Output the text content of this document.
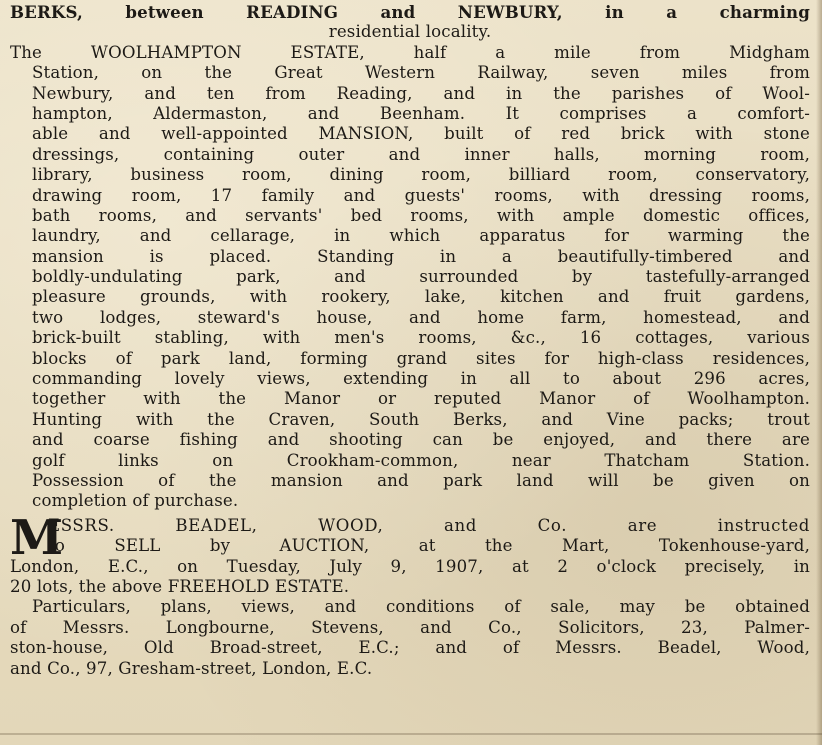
BERKS, between READING and NEWBURY, in a charming
residential locality.
The WOOLHAMPTON ESTATE, half a mile from Midgham
Station, on the Great Western Railway, seven miles from
Newbury, and ten from Reading, and in the parishes of Wool-
hampton, Aldermaston, and Beenham. It comprises a comfort-
able and well-appointed MANSION, built of red brick with stone
dressings, containing outer and inner halls, morning room,
library, business room, dining room, billiard room, conservatory,
drawing room, 17 family and guests' rooms, with dressing rooms,
bath rooms, and servants' bed rooms, with ample domestic offices,
laundry, and cellarage, in which apparatus for warming the
mansion is placed. Standing in a beautifully-timbered and
boldly-undulating park, and surrounded by tastefully-arranged
pleasure grounds, with rookery, lake, kitchen and fruit gardens,
two lodges, steward's house, and home farm, homestead, and
brick-built stabling, with men's rooms, &c., 16 cottages, various
blocks of park land, forming grand sites for high-class residences,
commanding lovely views, extending in all to about 296 acres,
together with the Manor or reputed Manor of Woolhampton.
Hunting with the Craven, South Berks, and Vine packs; trout
and coarse fishing and shooting can be enjoyed, and there are
golf links on Crookham-common, near Thatcham Station.
Possession of the mansion and park land will be given on
completion of purchase.
M
ESSRS. BEADEL, WOOD, and Co. are instructed
to SELL by AUCTION, at the Mart, Tokenhouse-yard,
London, E.C., on Tuesday, July 9, 1907, at 2 o'clock precisely, in
20 lots, the above FREEHOLD ESTATE.
Particulars, plans, views, and conditions of sale, may be obtained
of Messrs. Longbourne, Stevens, and Co., Solicitors, 23, Palmer-
ston-house, Old Broad-street, E.C.; and of Messrs. Beadel, Wood,
and Co., 97, Gresham-street, London, E.C.
